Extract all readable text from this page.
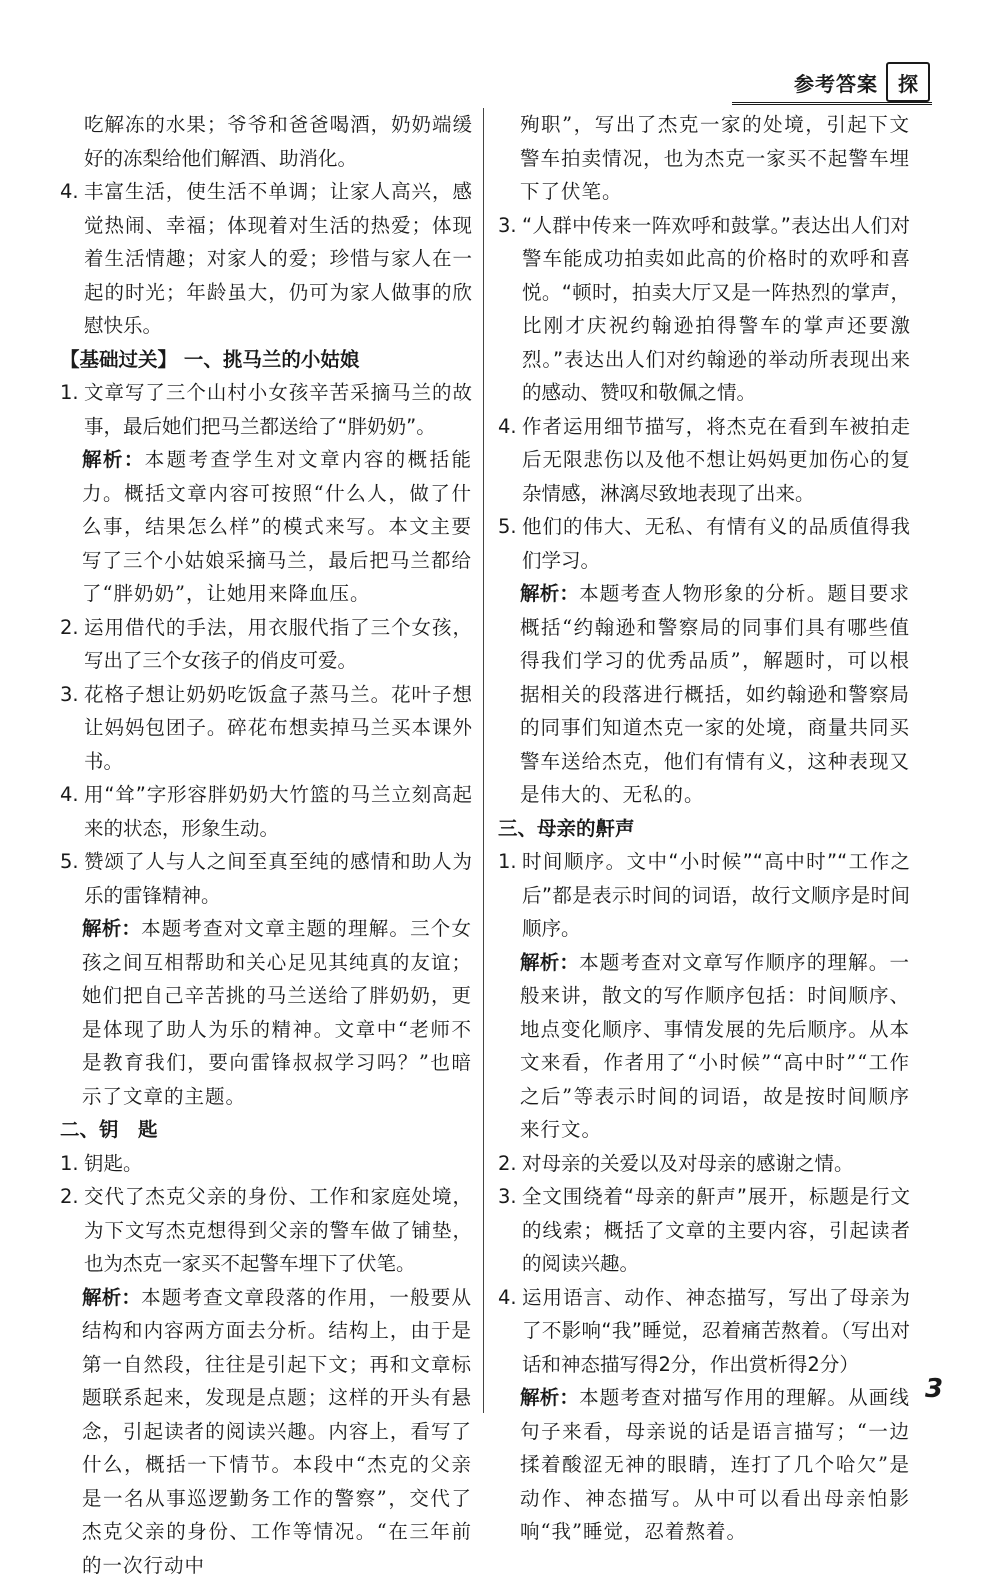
参考答案	探

吃解冻的水果；爷爷和爸爸喝酒，奶奶端缓好的冻梨给他们解酒、助消化。

4. 丰富生活，使生活不单调；让家人高兴，感觉热闹、幸福；体现着对生活的热爱；体现着生活情趣；对家人的爱；珍惜与家人在一起的时光；年龄虽大，仍可为家人做事的欣慰快乐。

【基础过关】 一、挑马兰的小姑娘

1. 文章写了三个山村小女孩辛苦采摘马兰的故事，最后她们把马兰都送给了“胖奶奶”。

解析：本题考查学生对文章内容的概括能力。概括文章内容可按照“什么人，做了什么事，结果怎么样”的模式来写。本文主要写了三个小姑娘采摘马兰，最后把马兰都给了“胖奶奶”，让她用来降血压。

2. 运用借代的手法，用衣服代指了三个女孩，写出了三个女孩子的俏皮可爱。
3. 花格子想让奶奶吃饭盒子蒸马兰。花叶子想让妈妈包团子。碎花布想卖掉马兰买本课外书。
4. 用“耸”字形容胖奶奶大竹篮的马兰立刻高起来的状态，形象生动。
5. 赞颂了人与人之间至真至纯的感情和助人为乐的雷锋精神。

解析：本题考查对文章主题的理解。三个女孩之间互相帮助和关心足见其纯真的友谊；她们把自己辛苦挑的马兰送给了胖奶奶，更是体现了助人为乐的精神。文章中“老师不是教育我们，要向雷锋叔叔学习吗？”也暗示了文章的主题。

二、钥　匙

1. 钥匙。
2. 交代了杰克父亲的身份、工作和家庭处境，为下文写杰克想得到父亲的警车做了铺垫，也为杰克一家买不起警车埋下了伏笔。

解析：本题考查文章段落的作用，一般要从结构和内容两方面去分析。结构上，由于是第一自然段，往往是引起下文；再和文章标题联系起来，发现是点题；这样的开头有悬念，引起读者的阅读兴趣。内容上，看写了什么，概括一下情节。本段中“杰克的父亲是一名从事巡逻勤务工作的警察”，交代了杰克父亲的身份、工作等情况。“在三年前的一次行动中

殉职”，写出了杰克一家的处境，引起下文警车拍卖情况，也为杰克一家买不起警车埋下了伏笔。

3. “人群中传来一阵欢呼和鼓掌。”表达出人们对警车能成功拍卖如此高的价格时的欢呼和喜悦。“顿时，拍卖大厅又是一阵热烈的掌声，比刚才庆祝约翰逊拍得警车的掌声还要激烈。”表达出人们对约翰逊的举动所表现出来的感动、赞叹和敬佩之情。
4. 作者运用细节描写，将杰克在看到车被拍走后无限悲伤以及他不想让妈妈更加伤心的复杂情感，淋漓尽致地表现了出来。
5. 他们的伟大、无私、有情有义的品质值得我们学习。

解析：本题考查人物形象的分析。题目要求概括“约翰逊和警察局的同事们具有哪些值得我们学习的优秀品质”，解题时，可以根据相关的段落进行概括，如约翰逊和警察局的同事们知道杰克一家的处境，商量共同买警车送给杰克，他们有情有义，这种表现又是伟大的、无私的。

三、母亲的鼾声

1. 时间顺序。文中“小时候”“高中时”“工作之后”都是表示时间的词语，故行文顺序是时间顺序。

解析：本题考查对文章写作顺序的理解。一般来讲，散文的写作顺序包括：时间顺序、地点变化顺序、事情发展的先后顺序。从本文来看，作者用了“小时候”“高中时”“工作之后”等表示时间的词语，故是按时间顺序来行文。

2. 对母亲的关爱以及对母亲的感谢之情。
3. 全文围绕着“母亲的鼾声”展开，标题是行文的线索；概括了文章的主要内容，引起读者的阅读兴趣。
4. 运用语言、动作、神态描写，写出了母亲为了不影响“我”睡觉，忍着痛苦熬着。（写出对话和神态描写得2分，作出赏析得2分）

解析：本题考查对描写作用的理解。从画线句子来看，母亲说的话是语言描写；“一边揉着酸涩无神的眼睛，连打了几个哈欠”是动作、神态描写。从中可以看出母亲怕影响“我”睡觉，忍着熬着。

3
